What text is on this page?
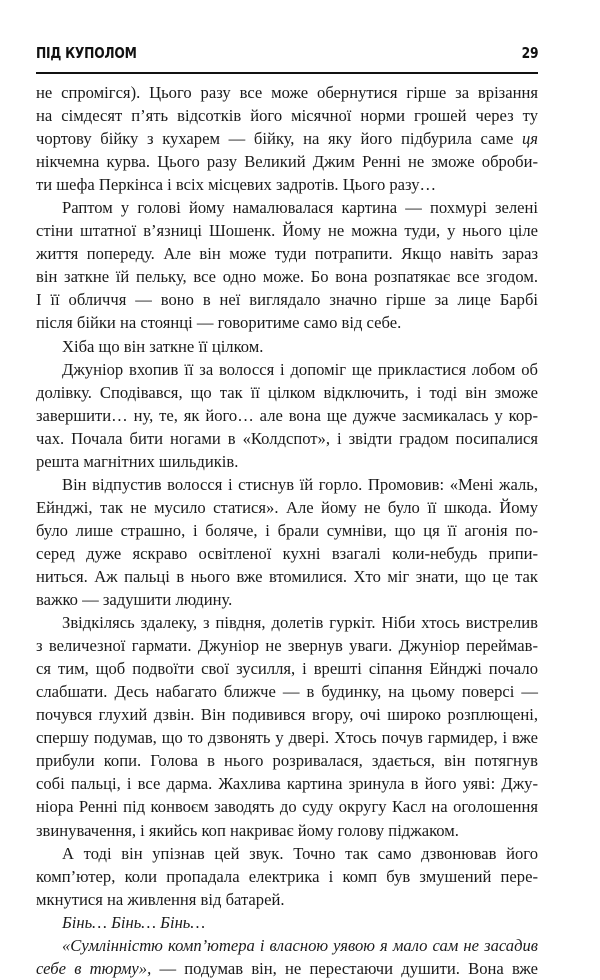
ПІД КУПОЛОМ	29
не спромігся). Цього разу все може обернутися гірше за врізання
на сімдесят п’ять відсотків його місячної норми грошей через ту
чортову бійку з кухарем — бійку, на яку його підбурила саме ця
нікчемна курва. Цього разу Великий Джим Ренні не зможе оброби-
ти шефа Перкінса і всіх місцевих задротів. Цього разу…
Раптом у голові йому намалювалася картина — похмурі зелені
стіни штатної в’язниці Шошенк. Йому не можна туди, у нього ціле
життя попереду. Але він може туди потрапити. Якщо навіть зараз
він заткне їй пельку, все одно може. Бо вона розпатякає все згодом.
І її обличчя — воно в неї виглядало значно гірше за лице Барбі
після бійки на стоянці — говоритиме само від себе.
Хіба що він заткне її цілком.
Джуніор вхопив її за волосся і допоміг ще прикластися лобом об
долівку. Сподівався, що так її цілком відключить, і тоді він зможе
завершити… ну, те, як його… але вона ще дужче засмикалась у кор-
чах. Почала бити ногами в «Колдспот», і звідти градом посипалися
решта магнітних шильдиків.
Він відпустив волосся і стиснув їй горло. Промовив: «Мені жаль,
Ейнджі, так не мусило статися». Але йому не було її шкода. Йому
було лише страшно, і боляче, і брали сумніви, що ця її агонія по-
серед дуже яскраво освітленої кухні взагалі коли-небудь припи-
ниться. Аж пальці в нього вже втомилися. Хто міг знати, що це так
важко — задушити людину.
Звідкілясь здалеку, з півдня, долетів гуркіт. Ніби хтось вистрелив
з величезної гармати. Джуніор не звернув уваги. Джуніор переймав-
ся тим, щоб подвоїти свої зусилля, і врешті сіпання Ейнджі почало
слабшати. Десь набагато ближче — в будинку, на цьому поверсі —
почувся глухий дзвін. Він подивився вгору, очі широко розплющені,
спершу подумав, що то дзвонять у двері. Хтось почув гармидер, і вже
прибули копи. Голова в нього розривалася, здається, він потягнув
собі пальці, і все дарма. Жахлива картина зринула в його уяві: Джу-
ніора Ренні під конвоєм заводять до суду округу Касл на оголошення
звинувачення, і якийсь коп накриває йому голову піджаком.
А тоді він упізнав цей звук. Точно так само дзвонював його
комп’ютер, коли пропадала електрика і комп був змушений пере-
мкнутися на живлення від батарей.
Бінь… Бінь… Бінь…
«Сумлінністю комп’ютера і власною уявою я мало сам не засадив
себе в тюрму», — подумав він, не перестаючи душити. Вона вже
